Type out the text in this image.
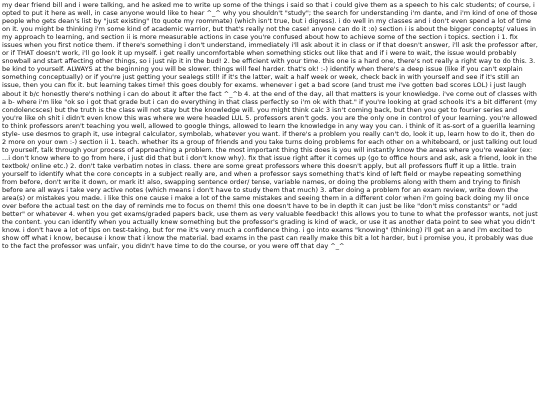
my dear friend bill and i were talking, and he asked me to write up some of the things i said so that i could give them as a speech to his calc students; of course, i opted to put it here as well, in case anyone would like to hear ^_^ why you shouldn't "study"; the search for understanding i'm dante, and i'm kind of one of those people who gets dean's list by "just existing" (to quote my roommate) (which isn't true, but i digress). i do well in my classes and i don't even spend a lot of time on it. you might be thinking i'm some kind of academic warrior, but that's really not the case! anyone can do it :o) section i is about the bigger concepts/ values in my approach to learning, and section ii is more measurable actions in case you're confused about how to achieve some of the section i topics. section i 1. fix issues when you first notice them. if there's something i don't understand, immediately i'll ask about it in class or if that doesn't answer, i'll ask the professor after, or if THAT doesn't work, i'll go look it up myself. i get really uncomfortable when something sticks out like that and if i were to wait, the issue would probably snowball and start affecting other things, so i just nip it in the bud! 2. be efficient with your time. this one is a hard one, there's not really a right way to do this. 3. be kind to yourself. ALWAYS at the beginning you will be slower. things will feel harder. that's ok! :-) identify when there's a deep issue (like if you can't explain something conceptually) or if you're just getting your sealegs still! if it's the latter, wait a half week or week, check back in with yourself and see if it's still an issue, then you can fix it. but learning takes time! this goes doubly for exams. whenever i get a bad score (and trust me i've gotten bad scores LOL) i just laugh about it b/c honestly there's nothing i can do about it after the fact ^_^b 4. at the end of the day, all that matters is your knowledge. i've come out of classes with a b- where i'm like "ok so i got that grade but i can do everything in that class perfectly so i'm ok with that." if you're looking at grad schools it's a bit different (my condolencsces) but the truth is the class will not stay but the knowledge will. you might think calc 3 isn't coming back, but then you get to fourier series and you're like oh shit i didn't even know this was where we were headed LUL 5. professors aren't gods. you are the only one in control of your learning. you're allowed to think professors aren't teaching you well, allowed to google things, allowed to learn the knowledge in any way you can. i think of it as-sort of a guerilla learning style- use desmos to graph it, use integral calculator, symbolab, whatever you want. if there's a problem you really can't do, look it up, learn how to do it, then do 2 more on your own :-) section ii 1. teach. whether its a group of friends and you take turns doing problems for each other on a whiteboard, or just talking out loud to yourself, talk through your process of approaching a problem. the most important thing this does is you will instantly know the areas where you're weaker (ex: ...i don't know where to go from here, i just did that but i don't know why). fix that issue right after it comes up (go to office hours and ask, ask a friend, look in the textbok/ online etc.) 2. don't take verbatim notes in class. there are some great professors where this doesn't apply, but all professors fluff it up a little. train yourself to identify what the core concepts in a subject really are, and when a professor says something that's kind of left field or maybe repeating something from before, don't write it down, or mark it! also, swapping sentence order/ tense, variable names, or doing the problems along with them and trying to finish before are all ways i take very active notes (which means i don't have to study them that much) 3. after doing a problem for an exam review, write down the area(s) or mistakes you made. i like this one cause i make a lot of the same mistakes and seeing them in a different color when i'm going back doing my lil once over before the actual test on the day of reminds me to focus on them! this one doesn't have to be in depth it can just be like "don't miss constants" or "add better" or whatever 4. when you get exams/graded papers back, use them as very valuable feedback! this allows you to tune to what the professor wants, not just the content. you can identify when you actually knew something but the professor's grading is kind of wack, or use it as another data point to see what you didn't know. i don't have a lot of tips on test-taking, but for me it's very much a confidence thing. i go into exams "knowing" (thinking) i'll get an a and i'm excited to show off what i know, because i know that i know the material. bad exams in the past can really make this bit a lot harder, but i promise you, it probably was due to the fact the professor was unfair, you didn't have time to do the course, or you were off that day ^_^
